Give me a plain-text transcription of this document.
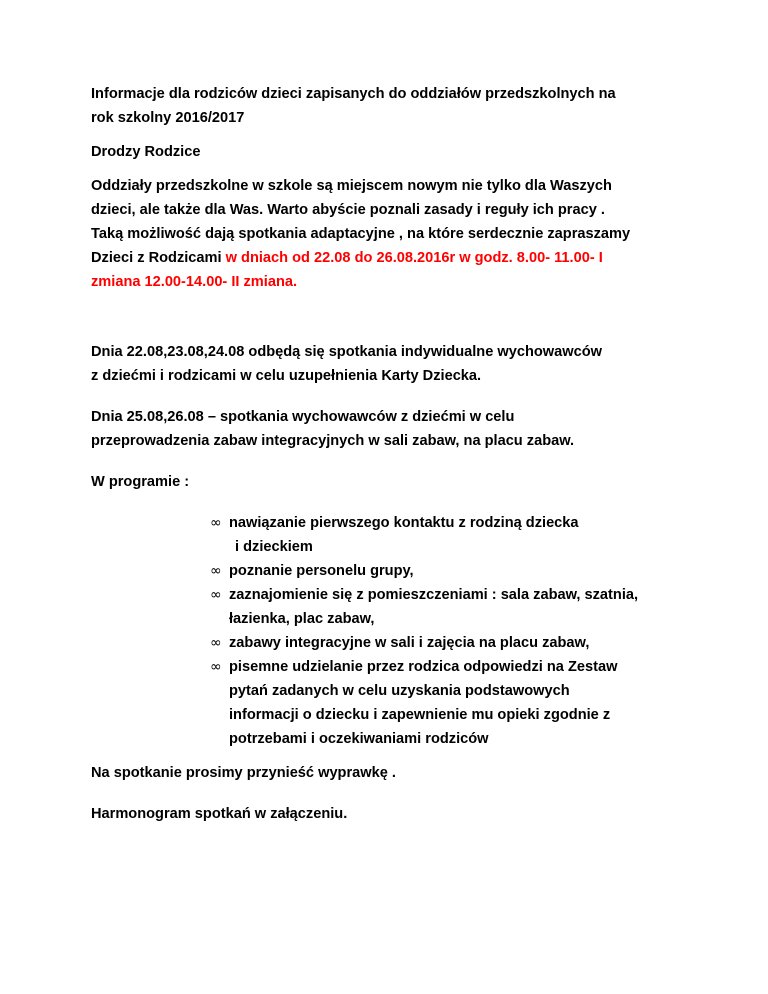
Informacje dla rodziców dzieci zapisanych do oddziałów przedszkolnych na
rok szkolny 2016/2017

Drodzy Rodzice

Oddziały przedszkolne w szkole są miejscem nowym nie tylko dla Waszych
dzieci, ale także dla Was. Warto abyście poznali zasady i reguły ich pracy .
Taką możliwość dają spotkania adaptacyjne , na które serdecznie zapraszamy
Dzieci z Rodzicami w dniach od 22.08 do 26.08.2016r w godz. 8.00- 11.00- I
zmiana 12.00-14.00- II zmiana.

Dnia 22.08,23.08,24.08 odbędą się spotkania indywidualne wychowawców
z dziećmi i rodzicami w celu uzupełnienia Karty Dziecka.

Dnia 25.08,26.08 – spotkania wychowawców z dziećmi w celu
przeprowadzenia zabaw integracyjnych w sali zabaw, na placu zabaw.

W programie :

∞ nawiązanie pierwszego kontaktu z rodziną dziecka

i dzieckiem
∞ poznanie personelu grupy,
∞ zaznajomienie się z pomieszczeniami : sala zabaw, szatnia,
łazienka, plac zabaw,
∞ zabawy integracyjne w sali i zajęcia na placu zabaw,
∞ pisemne udzielanie przez rodzica odpowiedzi na Zestaw
pytań zadanych w celu uzyskania podstawowych
informacji o dziecku i zapewnienie mu opieki zgodnie z
potrzebami i oczekiwaniami rodziców

Na spotkanie prosimy przynieść wyprawkę .

Harmonogram spotkań w załączeniu.
